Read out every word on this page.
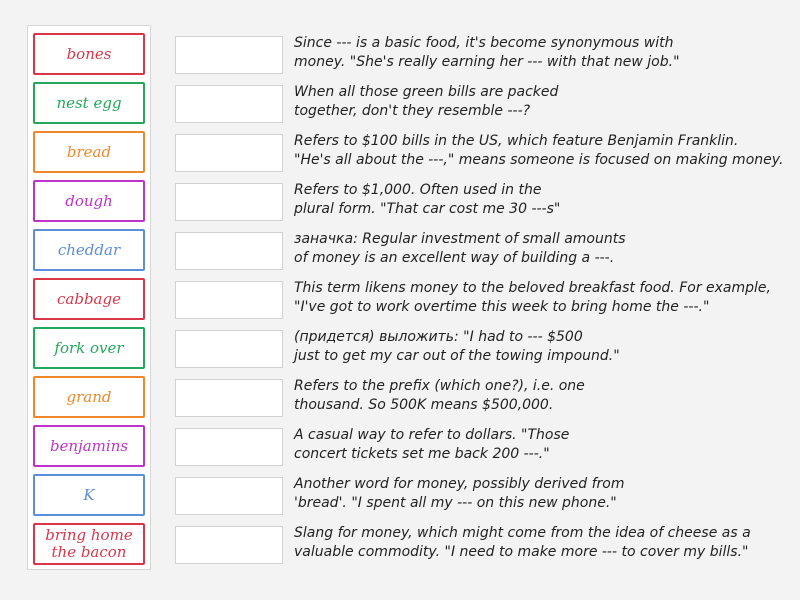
bones
nest egg
bread
dough
cheddar
cabbage
fork over
grand
benjamins
K
bring home
the bacon
Since --- is a basic food, it's become synonymous with
money. "She's really earning her --- with that new job."
When all those green bills are packed
together, don't they resemble ---?
Refers to $100 bills in the US, which feature Benjamin Franklin.
"He's all about the ---," means someone is focused on making money.
Refers to $1,000. Often used in the
plural form. "That car cost me 30 ---s"
заначка: Regular investment of small amounts
of money is an excellent way of building a ---.
This term likens money to the beloved breakfast food. For example,
"I've got to work overtime this week to bring home the ---."
(придется) выложить: "I had to --- $500
just to get my car out of the towing impound."
Refers to the prefix (which one?), i.e. one
thousand. So 500K means $500,000.
A casual way to refer to dollars. "Those
concert tickets set me back 200 ---."
Another word for money, possibly derived from
'bread'. "I spent all my --- on this new phone."
Slang for money, which might come from the idea of cheese as a
valuable commodity. "I need to make more --- to cover my bills."
